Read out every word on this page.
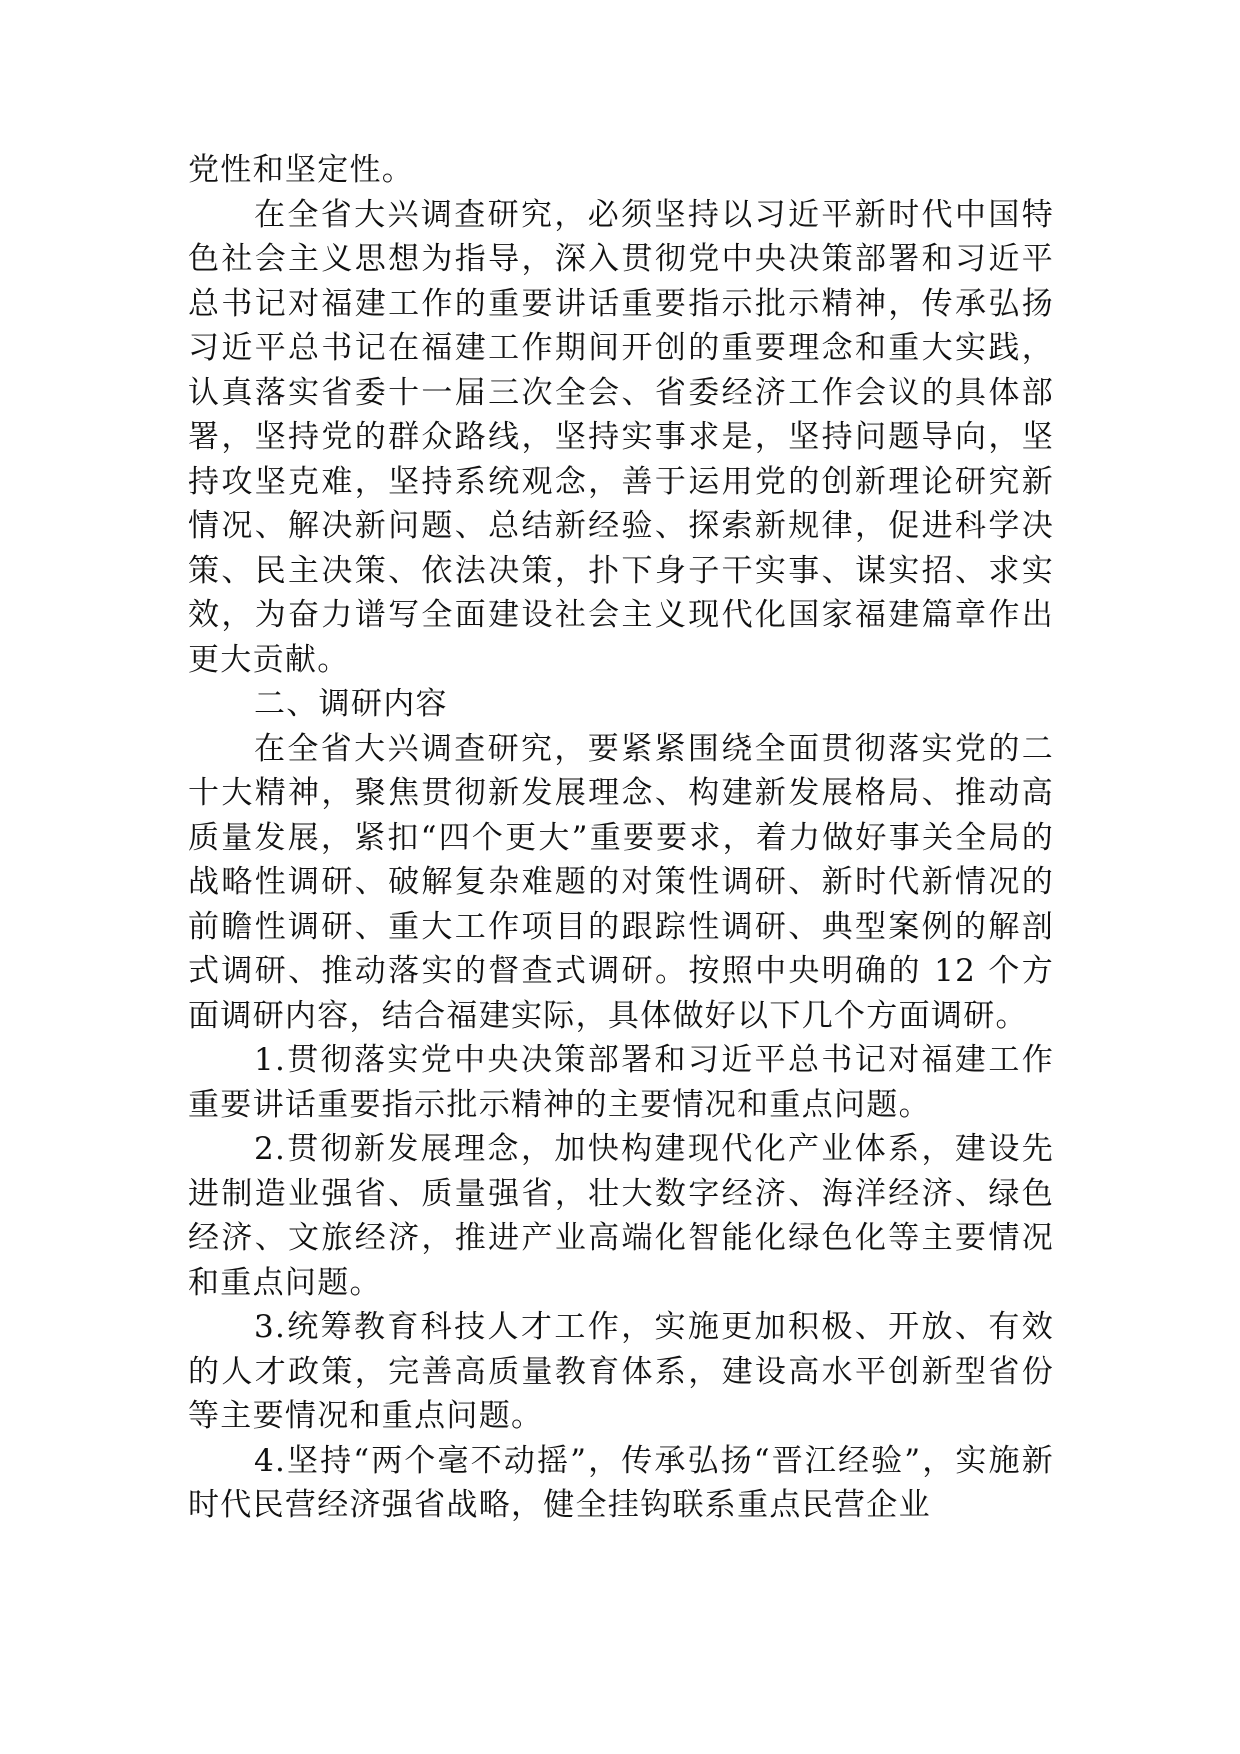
党性和坚定性。

在全省大兴调查研究，必须坚持以习近平新时代中国特色社会主义思想为指导，深入贯彻党中央决策部署和习近平总书记对福建工作的重要讲话重要指示批示精神，传承弘扬习近平总书记在福建工作期间开创的重要理念和重大实践，认真落实省委十一届三次全会、省委经济工作会议的具体部署，坚持党的群众路线，坚持实事求是，坚持问题导向，坚持攻坚克难，坚持系统观念，善于运用党的创新理论研究新情况、解决新问题、总结新经验、探索新规律，促进科学决策、民主决策、依法决策，扑下身子干实事、谋实招、求实效，为奋力谱写全面建设社会主义现代化国家福建篇章作出更大贡献。

二、调研内容

在全省大兴调查研究，要紧紧围绕全面贯彻落实党的二十大精神，聚焦贯彻新发展理念、构建新发展格局、推动高质量发展，紧扣“四个更大”重要要求，着力做好事关全局的战略性调研、破解复杂难题的对策性调研、新时代新情况的前瞻性调研、重大工作项目的跟踪性调研、典型案例的解剖式调研、推动落实的督查式调研。按照中央明确的 12 个方面调研内容，结合福建实际，具体做好以下几个方面调研。

1.贯彻落实党中央决策部署和习近平总书记对福建工作重要讲话重要指示批示精神的主要情况和重点问题。

2.贯彻新发展理念，加快构建现代化产业体系，建设先进制造业强省、质量强省，壮大数字经济、海洋经济、绿色经济、文旅经济，推进产业高端化智能化绿色化等主要情况和重点问题。

3.统筹教育科技人才工作，实施更加积极、开放、有效的人才政策，完善高质量教育体系，建设高水平创新型省份等主要情况和重点问题。

4.坚持“两个毫不动摇”，传承弘扬“晋江经验”，实施新时代民营经济强省战略，健全挂钩联系重点民营企业
